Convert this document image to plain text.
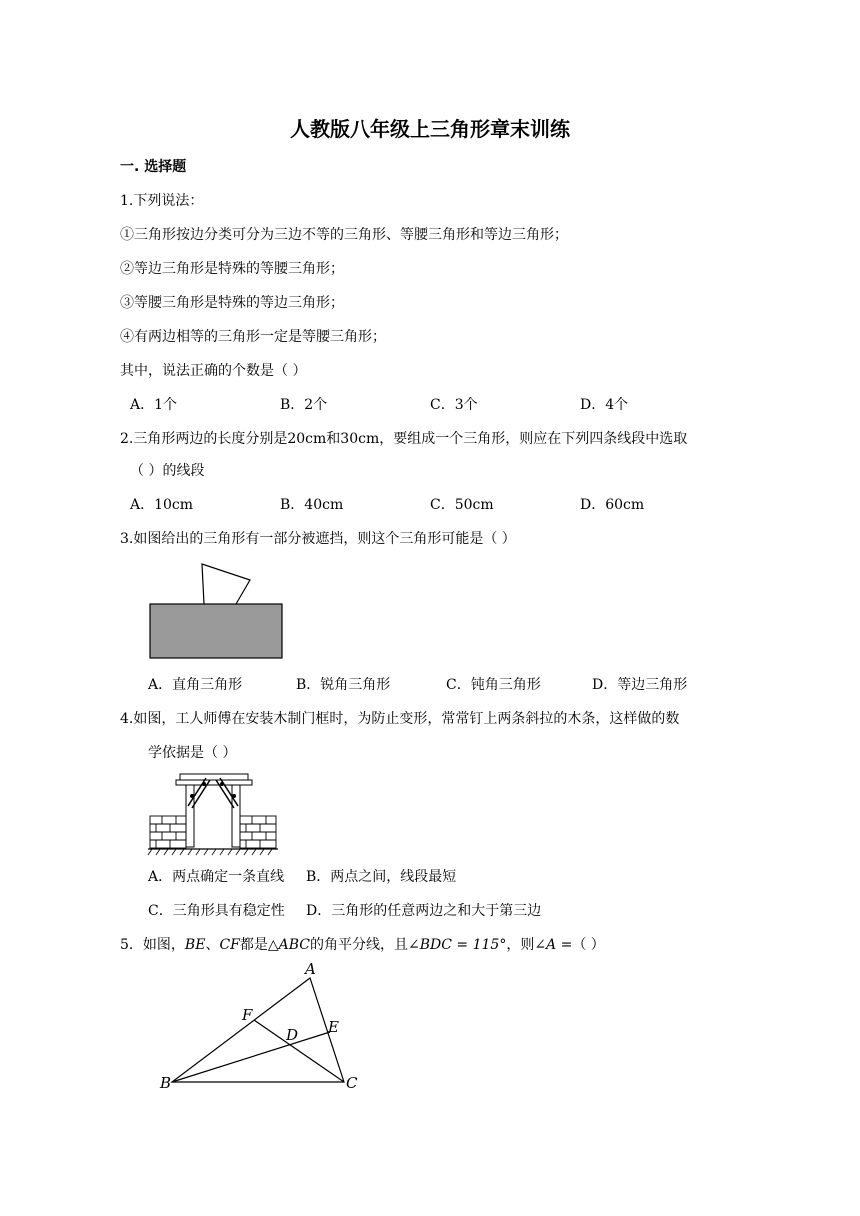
人教版八年级上三角形章末训练
一. 选择题
1.下列说法：
①三角形按边分类可分为三边不等的三角形、等腰三角形和等边三角形；
②等边三角形是特殊的等腰三角形；
③等腰三角形是特殊的等边三角形；
④有两边相等的三角形一定是等腰三角形；
其中，说法正确的个数是（ ）
A．1个	B．2个	C．3个	D．4个
2.三角形两边的长度分别是20cm和30cm，要组成一个三角形，则应在下列四条线段中选取
（ ）的线段
A．10cm	B．40cm	C．50cm	D．60cm
3.如图给出的三角形有一部分被遮挡，则这个三角形可能是（ ）
A．直角三角形	B．锐角三角形	C．钝角三角形	D．等边三角形
4.如图，工人师傅在安装木制门框时，为防止变形，常常钉上两条斜拉的木条，这样做的数
学依据是（ ）
A．两点确定一条直线 B．两点之间，线段最短
C．三角形具有稳定性 D．三角形的任意两边之和大于第三边
5．如图，BE、CF都是△ABC的角平分线，且∠BDC = 115°，则∠A =（ ）
A
B	C
D E
F
